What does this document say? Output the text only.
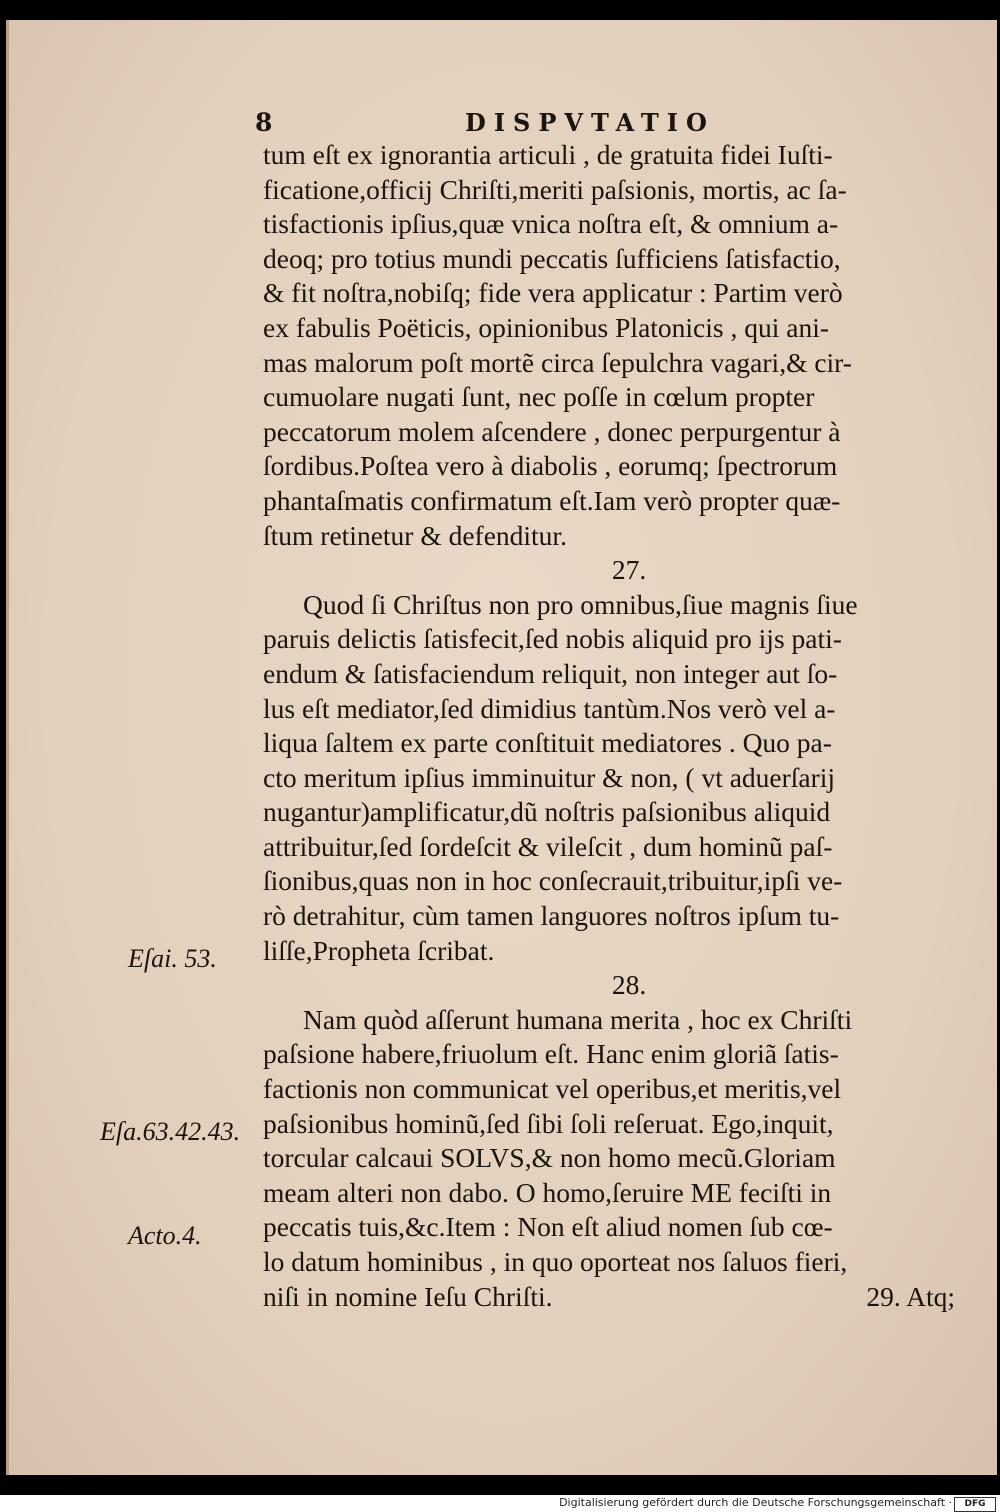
8	DISPVTATIO
tum eſt ex ignorantia articuli , de gratuita fidei Iuſti-
ficatione,officij Chriſti,meriti paſsionis, mortis, ac ſa-
tisfactionis ipſius,quæ vnica noſtra eſt, & omnium a-
deoq; pro totius mundi peccatis ſufficiens ſatisfactio,
& fit noſtra,nobiſq; fide vera applicatur : Partim verò
ex fabulis Poëticis, opinionibus Platonicis , qui ani-
mas malorum poſt mortẽ circa ſepulchra vagari,& cir-
cumuolare nugati ſunt, nec poſſe in cœlum propter
peccatorum molem aſcendere , donec perpurgentur à
ſordibus.Poſtea vero à diabolis , eorumq; ſpectrorum
phantaſmatis confirmatum eſt.Iam verò propter quæ-
ſtum retinetur & defenditur.
27.
Quod ſi Chriſtus non pro omnibus,ſiue magnis ſiue
paruis delictis ſatisfecit,ſed nobis aliquid pro ijs pati-
endum & ſatisfaciendum reliquit, non integer aut ſo-
lus eſt mediator,ſed dimidius tantùm.Nos verò vel a-
liqua ſaltem ex parte conſtituit mediatores . Quo pa-
cto meritum ipſius imminuitur & non, ( vt aduerſarij
nugantur)amplificatur,dũ noſtris paſsionibus aliquid
attribuitur,ſed ſordeſcit & vileſcit , dum hominũ paſ-
ſionibus,quas non in hoc conſecrauit,tribuitur,ipſi ve-
rò detrahitur, cùm tamen languores noſtros ipſum tu-
liſſe,Propheta ſcribat.
28.
Nam quòd aſſerunt humana merita , hoc ex Chriſti
paſsione habere,friuolum eſt. Hanc enim gloriã ſatis-
factionis non communicat vel operibus,et meritis,vel
paſsionibus hominũ,ſed ſibi ſoli reſeruat. Ego,inquit,
torcular calcaui SOLVS,& non homo mecũ.Gloriam
meam alteri non dabo. O homo,ſeruire ME feciſti in
peccatis tuis,&c.Item : Non eſt aliud nomen ſub cœ-
lo datum hominibus , in quo oporteat nos ſaluos fieri,
niſi in nomine Ieſu Chriſti.	29. Atq;
Eſai. 53.
Eſa.63.42.43.
Acto.4.
Digitalisierung gefördert durch die Deutsche Forschungsgemeinschaft ·	DFG
